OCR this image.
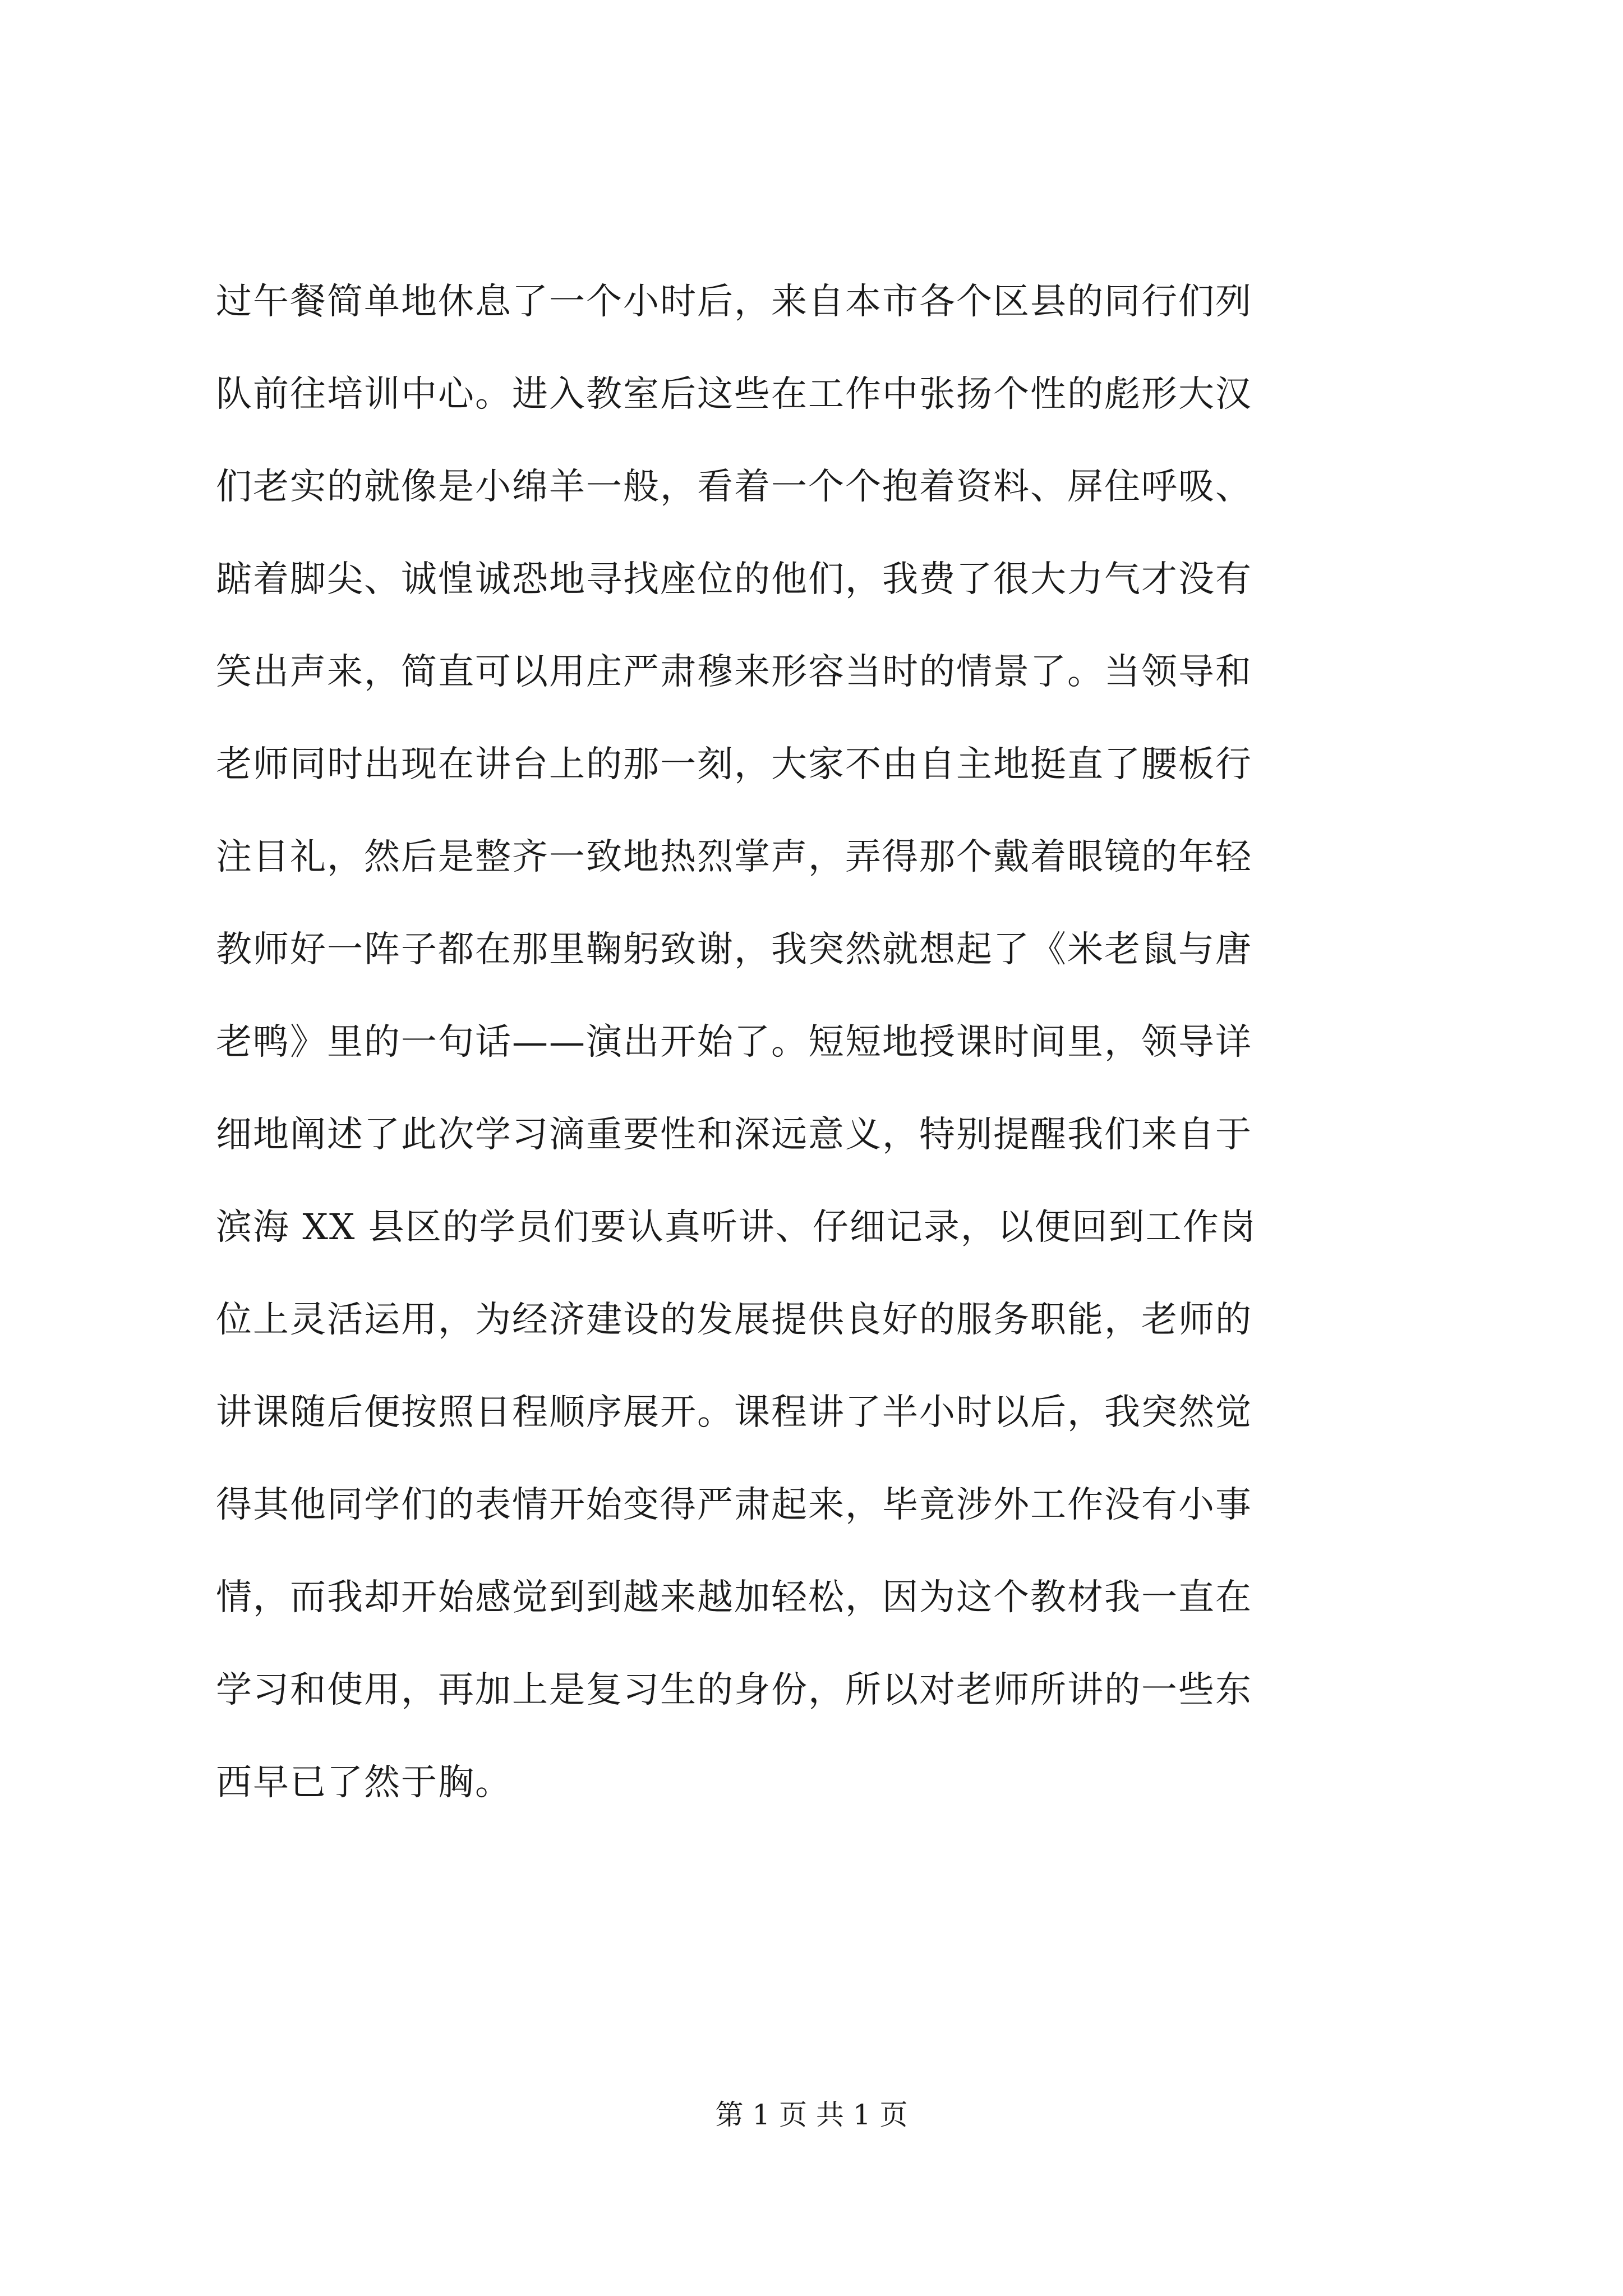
过午餐简单地休息了一个小时后，来自本市各个区县的同行们列
队前往培训中心。进入教室后这些在工作中张扬个性的彪形大汉
们老实的就像是小绵羊一般，看着一个个抱着资料、屏住呼吸、
踮着脚尖、诚惶诚恐地寻找座位的他们，我费了很大力气才没有
笑出声来，简直可以用庄严肃穆来形容当时的情景了。当领导和
老师同时出现在讲台上的那一刻，大家不由自主地挺直了腰板行
注目礼，然后是整齐一致地热烈掌声，弄得那个戴着眼镜的年轻
教师好一阵子都在那里鞠躬致谢，我突然就想起了《米老鼠与唐
老鸭》里的一句话——演出开始了。短短地授课时间里，领导详
细地阐述了此次学习滴重要性和深远意义，特别提醒我们来自于
滨海 XX 县区的学员们要认真听讲、仔细记录，以便回到工作岗
位上灵活运用，为经济建设的发展提供良好的服务职能，老师的
讲课随后便按照日程顺序展开。课程讲了半小时以后，我突然觉
得其他同学们的表情开始变得严肃起来，毕竟涉外工作没有小事
情，而我却开始感觉到到越来越加轻松，因为这个教材我一直在
学习和使用，再加上是复习生的身份，所以对老师所讲的一些东
西早已了然于胸。
第 1 页 共 1 页
